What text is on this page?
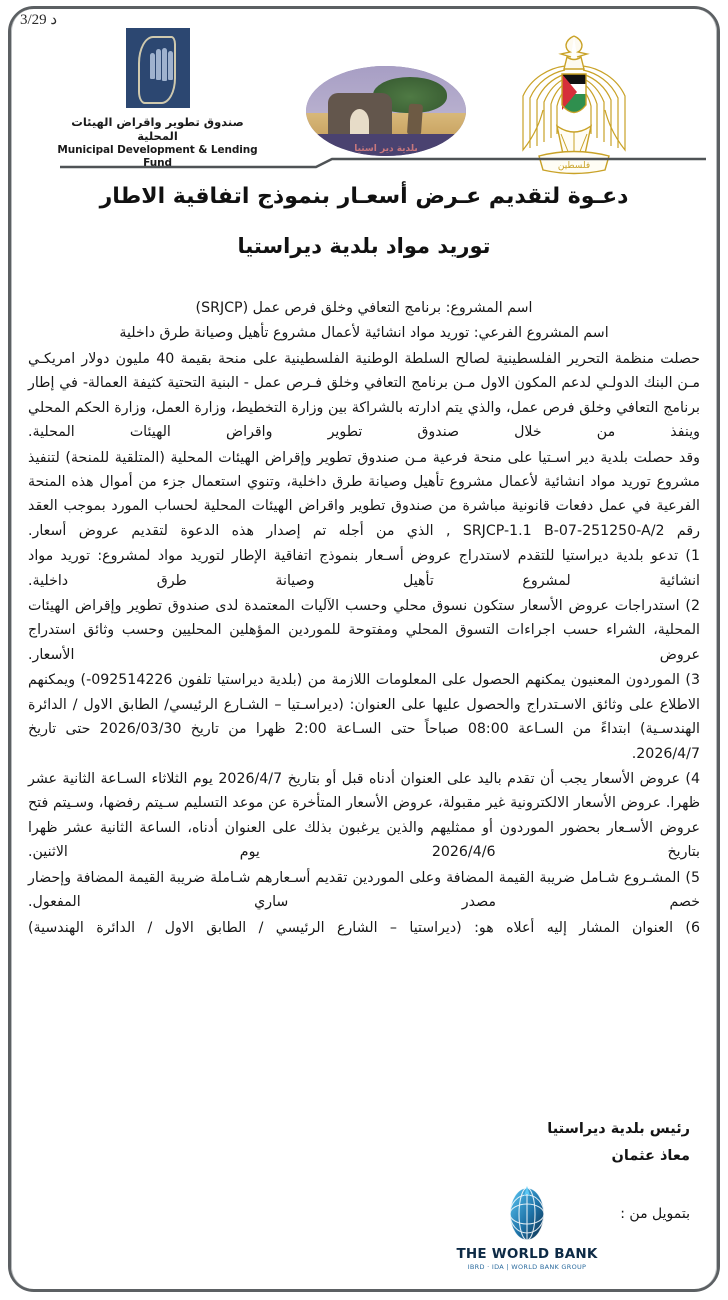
د 3/29
صندوق تطوير واقراض الهيئات المحلية
Municipal Development & Lending Fund
بلدية دير استيا
فلسطين
دعـوة لتقديم عـرض أسعـار بنموذج اتفاقية الاطار
توريد مواد بلدية ديراستيا

اسم المشروع: برنامج التعافي وخلق فرص عمل (SRJCP)

اسم المشروع الفرعي: توريد مواد انشائية لأعمال مشروع تأهيل وصيانة طرق داخلية

حصلت منظمة التحرير الفلسطينية لصالح السلطة الوطنية الفلسطينية على منحة بقيمة 40 مليون دولار امريكـي مـن البنك الدولـي لدعم المكون الاول مـن برنامج التعافي وخلق فـرص عمل - البنية التحتية كثيفة العمالة- في إطار برنامج التعافي وخلق فرص عمل، والذي يتم ادارته بالشراكة بين وزارة التخطيط، وزارة العمل، وزارة الحكم المحلي وينفذ من خلال صندوق تطوير واقراض الهيئات المحلية.

وقد حصلت بلدية دير اسـتيا على منحة فرعية مـن صندوق تطوير وإقراض الهيئات المحلية (المتلقية للمنحة) لتنفيذ مشروع توريد مواد انشائية لأعمال مشروع تأهيل وصيانة طرق داخلية، وتنوي استعمال جزء من أموال هذه المنحة الفرعية في عمل دفعات قانونية مباشرة من صندوق تطوير واقراض الهيئات المحلية لحساب المورد بموجب العقد رقم SRJCP-1.1 B-07-251250-A/2 , الذي من أجله تم إصدار هذه الدعوة لتقديم عروض أسعار.

1) تدعو بلدية ديراستيا للتقدم لاستدراج عروض أسـعار بنموذج اتفاقية الإطار لتوريد مواد لمشروع: توريد مواد انشائية لمشروع تأهيل وصيانة طرق داخلية.

2) استدراجات عروض الأسعار ستكون نسوق محلي وحسب الآليات المعتمدة لدى صندوق تطوير وإقراض الهيئات المحلية، الشراء حسب اجراءات التسوق المحلي ومفتوحة للموردين المؤهلين المحليين وحسب وثائق استدراج عروض الأسعار.

3) الموردون المعنيون يمكنهم الحصول على المعلومات اللازمة من (بلدية ديراستيا تلفون 092514226-) ويمكنهم الاطلاع على وثائق الاسـتدراج والحصول عليها على العنوان: (ديراسـتيا – الشـارع الرئيسي/ الطابق الاول / الدائرة الهندسـية) ابتداءً من السـاعة 08:00 صباحاً حتى السـاعة 2:00 ظهرا من تاريخ 2026/03/30 حتى تاريخ 2026/4/7.

4) عروض الأسعار يجب أن تقدم باليد على العنوان أدناه قبل أو بتاريخ 2026/4/7 يوم الثلاثاء السـاعة الثانية عشر ظهرا. عروض الأسعار الالكترونية غير مقبولة، عروض الأسعار المتأخرة عن موعد التسليم سـيتم رفضها، وسـيتم فتح عروض الأسـعار بحضور الموردون أو ممثليهم والذين يرغبون بذلك على العنوان أدناه، الساعة الثانية عشر ظهرا بتاريخ 2026/4/6 يوم الاثنين.

5) المشـروع شـامل ضريبة القيمة المضافة وعلى الموردين تقديم أسـعارهم شـاملة ضريبة القيمة المضافة وإحضار خصم مصدر ساري المفعول.

6) العنوان المشار إليه أعلاه هو: (ديراستيا – الشارع الرئيسي / الطابق الاول / الدائرة الهندسية)

رئيس بلدية ديراستيا
معاذ عثمان
بتمويل من :
THE WORLD BANK
IBRD · IDA | WORLD BANK GROUP
